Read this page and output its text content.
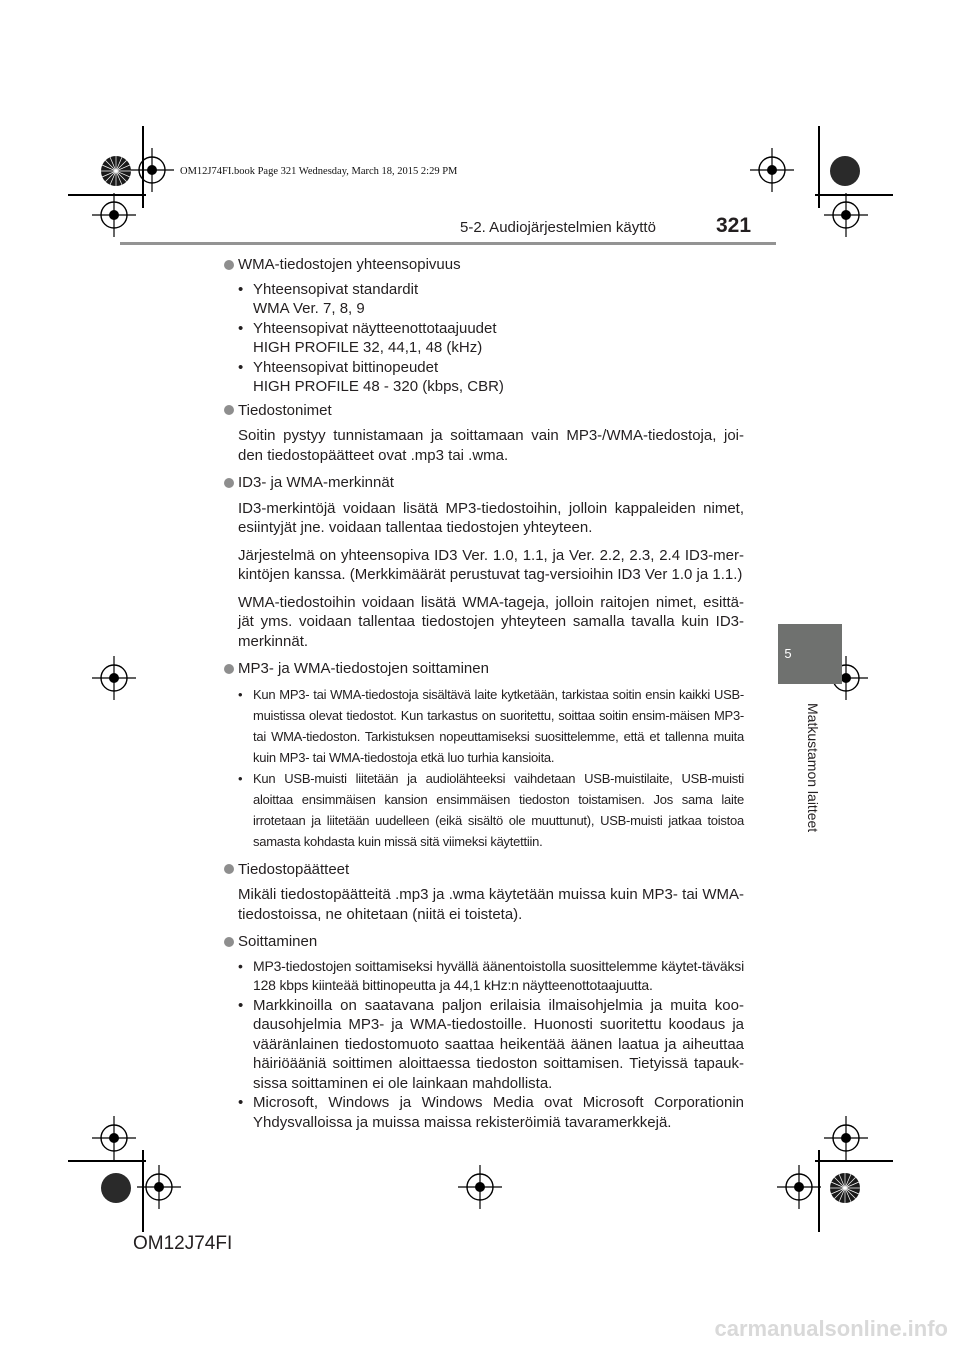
OM12J74FI.book Page 321 Wednesday, March 18, 2015 2:29 PM
5-2. Audiojärjestelmien käyttö	321
5
Matkustamon laitteet
WMA-tiedostojen yhteensopivuus
• Yhteensopivat standardit
WMA Ver. 7, 8, 9
• Yhteensopivat näytteenottotaajuudet
HIGH PROFILE 32, 44,1, 48 (kHz)
• Yhteensopivat bittinopeudet
HIGH PROFILE 48 - 320 (kbps, CBR)
Tiedostonimet

Soitin pystyy tunnistamaan ja soittamaan vain MP3-/WMA-tiedostoja, joi-den tiedostopäätteet ovat .mp3 tai .wma.

ID3- ja WMA-merkinnät

ID3-merkintöjä voidaan lisätä MP3-tiedostoihin, jolloin kappaleiden nimet, esiintyjät jne. voidaan tallentaa tiedostojen yhteyteen.

Järjestelmä on yhteensopiva ID3 Ver. 1.0, 1.1, ja Ver. 2.2, 2.3, 2.4 ID3-mer-kintöjen kanssa. (Merkkimäärät perustuvat tag-versioihin ID3 Ver 1.0 ja 1.1.)

WMA-tiedostoihin voidaan lisätä WMA-tageja, jolloin raitojen nimet, esittä-jät yms. voidaan tallentaa tiedostojen yhteyteen samalla tavalla kuin ID3-merkinnät.

MP3- ja WMA-tiedostojen soittaminen
• Kun MP3- tai WMA-tiedostoja sisältävä laite kytketään, tarkistaa soitin ensin kaikki USB-muistissa olevat tiedostot. Kun tarkastus on suoritettu, soittaa soitin ensim-mäisen MP3- tai WMA-tiedoston. Tarkistuksen nopeuttamiseksi suosittelemme, että et tallenna muita kuin MP3- tai WMA-tiedostoja etkä luo turhia kansioita.
• Kun USB-muisti liitetään ja audiolähteeksi vaihdetaan USB-muistilaite, USB-muisti aloittaa ensimmäisen kansion ensimmäisen tiedoston toistamisen. Jos sama laite irrotetaan ja liitetään uudelleen (eikä sisältö ole muuttunut), USB-muisti jatkaa toistoa samasta kohdasta kuin missä sitä viimeksi käytettiin.
Tiedostopäätteet

Mikäli tiedostopäätteitä .mp3 ja .wma käytetään muissa kuin MP3- tai WMA-tiedostoissa, ne ohitetaan (niitä ei toisteta).

Soittaminen
• MP3-tiedostojen soittamiseksi hyvällä äänentoistolla suosittelemme käytet-täväksi 128 kbps kiinteää bittinopeutta ja 44,1 kHz:n näytteenottotaajuutta.
• Markkinoilla on saatavana paljon erilaisia ilmaisohjelmia ja muita koo-dausohjelmia MP3- ja WMA-tiedostoille. Huonosti suoritettu koodaus ja vääränlainen tiedostomuoto saattaa heikentää äänen laatua ja aiheuttaa häiriöääniä soittimen aloittaessa tiedoston soittamisen. Tietyissä tapauk-sissa soittaminen ei ole lainkaan mahdollista.
• Microsoft, Windows ja Windows Media ovat Microsoft Corporationin Yhdysvalloissa ja muissa maissa rekisteröimiä tavaramerkkejä.
OM12J74FI
carmanualsonline.info
